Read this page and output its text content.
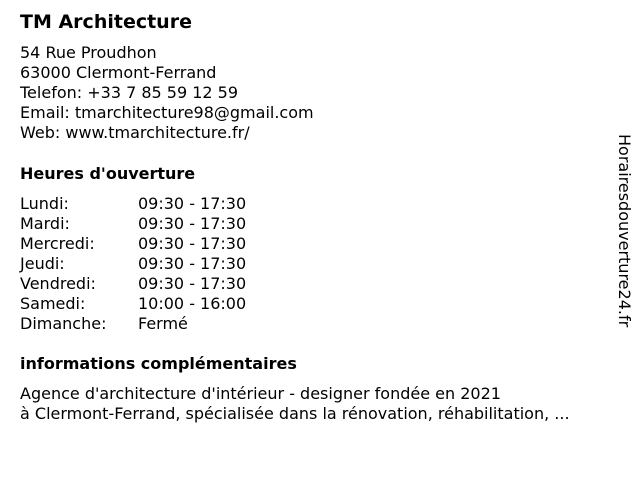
TM Architecture
54 Rue Proudhon
63000 Clermont-Ferrand
Telefon: +33 7 85 59 12 59
Email: tmarchitecture98@gmail.com
Web: www.tmarchitecture.fr/
Heures d'ouverture
Lundi:	09:30 - 17:30
Mardi:	09:30 - 17:30
Mercredi:	09:30 - 17:30
Jeudi:	09:30 - 17:30
Vendredi:	09:30 - 17:30
Samedi:	10:00 - 16:00
Dimanche:	Fermé
informations complémentaires
Agence d'architecture d'intérieur - designer fondée en 2021
à Clermont-Ferrand, spécialisée dans la rénovation, réhabilitation, ...
Horairesdouverture24.fr
